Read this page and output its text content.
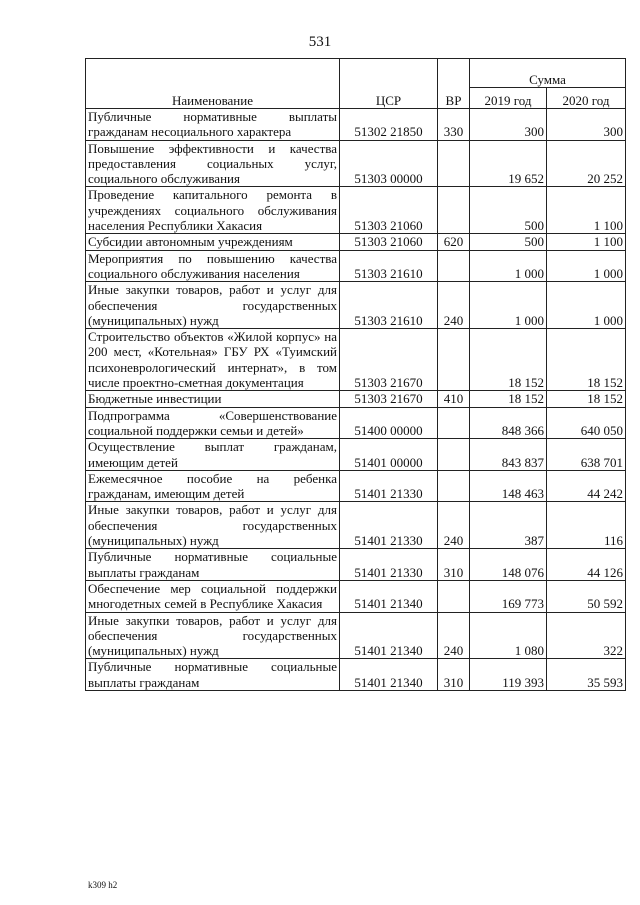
531
Наименование	ЦСР	ВР	Сумма	
			2019 год	2020 год
Публичные нормативные выплаты гражданам несоциального характера	51302 21850	330	300	300
Повышение эффективности и качества предоставления социальных услуг, социального обслуживания	51303 00000		19 652	20 252
Проведение капитального ремонта в учреждениях социального обслуживания населения Республики Хакасия	51303 21060		500	1 100
Субсидии автономным учреждениям	51303 21060	620	500	1 100
Мероприятия по повышению качества социального обслуживания населения	51303 21610		1 000	1 000
Иные закупки товаров, работ и услуг для обеспечения государственных (муниципальных) нужд	51303 21610	240	1 000	1 000
Строительство объектов «Жилой корпус» на 200 мест, «Котельная» ГБУ РХ «Туимский психоневрологический интернат», в том числе проектно-сметная документация	51303 21670		18 152	18 152
Бюджетные инвестиции	51303 21670	410	18 152	18 152
Подпрограмма «Совершенствование социальной поддержки семьи и детей»	51400 00000		848 366	640 050
Осуществление выплат гражданам, имеющим детей	51401 00000		843 837	638 701
Ежемесячное пособие на ребенка гражданам, имеющим детей	51401 21330		148 463	44 242
Иные закупки товаров, работ и услуг для обеспечения государственных (муниципальных) нужд	51401 21330	240	387	116
Публичные нормативные социальные выплаты гражданам	51401 21330	310	148 076	44 126
Обеспечение мер социальной поддержки многодетных семей в Республике Хакасия	51401 21340		169 773	50 592
Иные закупки товаров, работ и услуг для обеспечения государственных (муниципальных) нужд	51401 21340	240	1 080	322
Публичные нормативные социальные выплаты гражданам	51401 21340	310	119 393	35 593
k309 h2
